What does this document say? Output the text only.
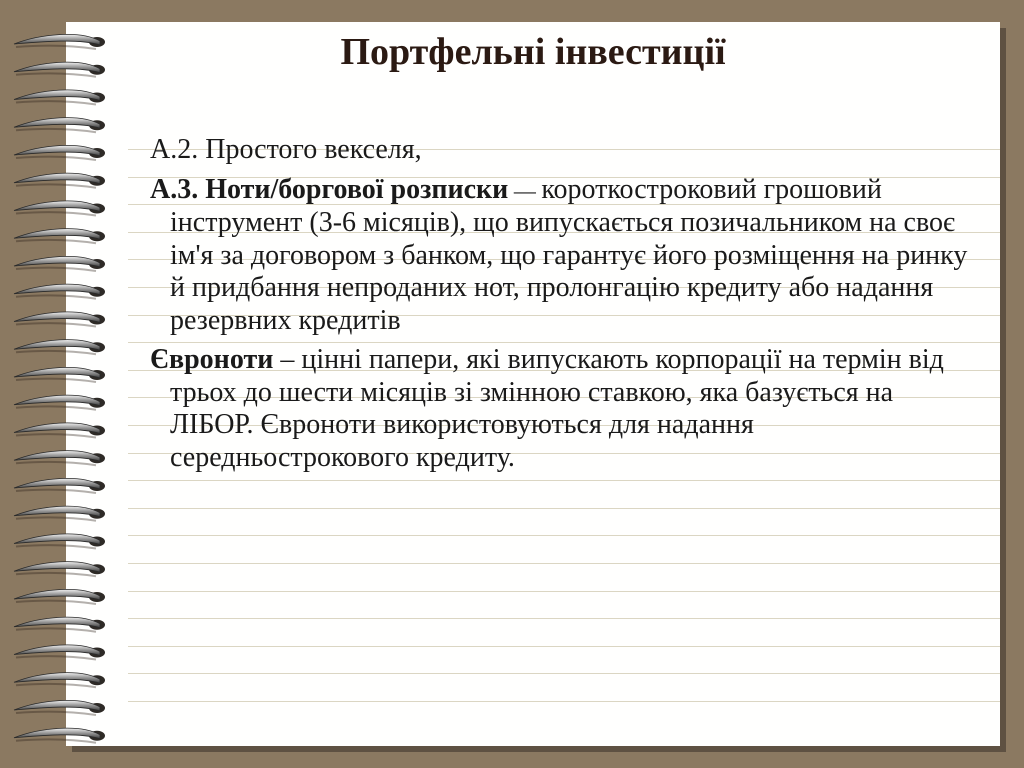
Портфельні інвестиції

А.2. Простого векселя,

А.3. Ноти/боргової розписки — короткостроковий грошовий інструмент (3-6 місяців), що випускається позичальником на своє ім'я за договором з банком, що гарантує його розміщення на ринку й придбання непроданих нот, пролонгацію кредиту або надання резервних кредитів

Євроноти – цінні папери, які випускають корпорації на термін від трьох до шести місяців зі змінною ставкою, яка базується на ЛІБОР. Євроноти використовуються для надання середньострокового кредиту.
